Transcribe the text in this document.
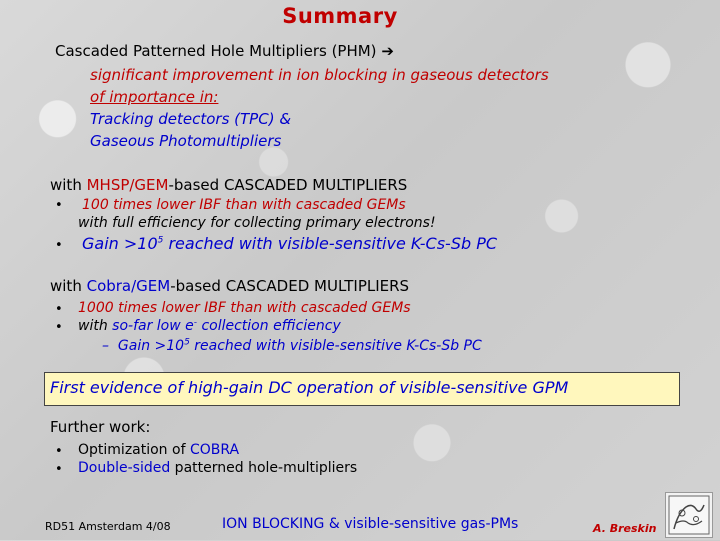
Summary
Cascaded Patterned Hole Multipliers (PHM) ➔
significant improvement in ion blocking in gaseous detectors
of importance in:
Tracking detectors (TPC) &
Gaseous Photomultipliers
with MHSP/GEM-based CASCADED MULTIPLIERS
• 100 times lower IBF than with cascaded GEMs
with full efficiency for collecting primary electrons!
• Gain $>10^5$ reached with visible-sensitive K-Cs-Sb PC
with Cobra/GEM-based CASCADED MULTIPLIERS
• 1000 times lower IBF than with cascaded GEMs
• with so-far low e- collection efficiency
– Gain $>10^5$ reached with visible-sensitive K-Cs-Sb PC
First evidence of high-gain DC operation of visible-sensitive GPM
Further work:
• Optimization of COBRA
• Double-sided patterned hole-multipliers
RD51 Amsterdam 4/08	ION BLOCKING & visible-sensitive gas-PMs	A. Breskin
